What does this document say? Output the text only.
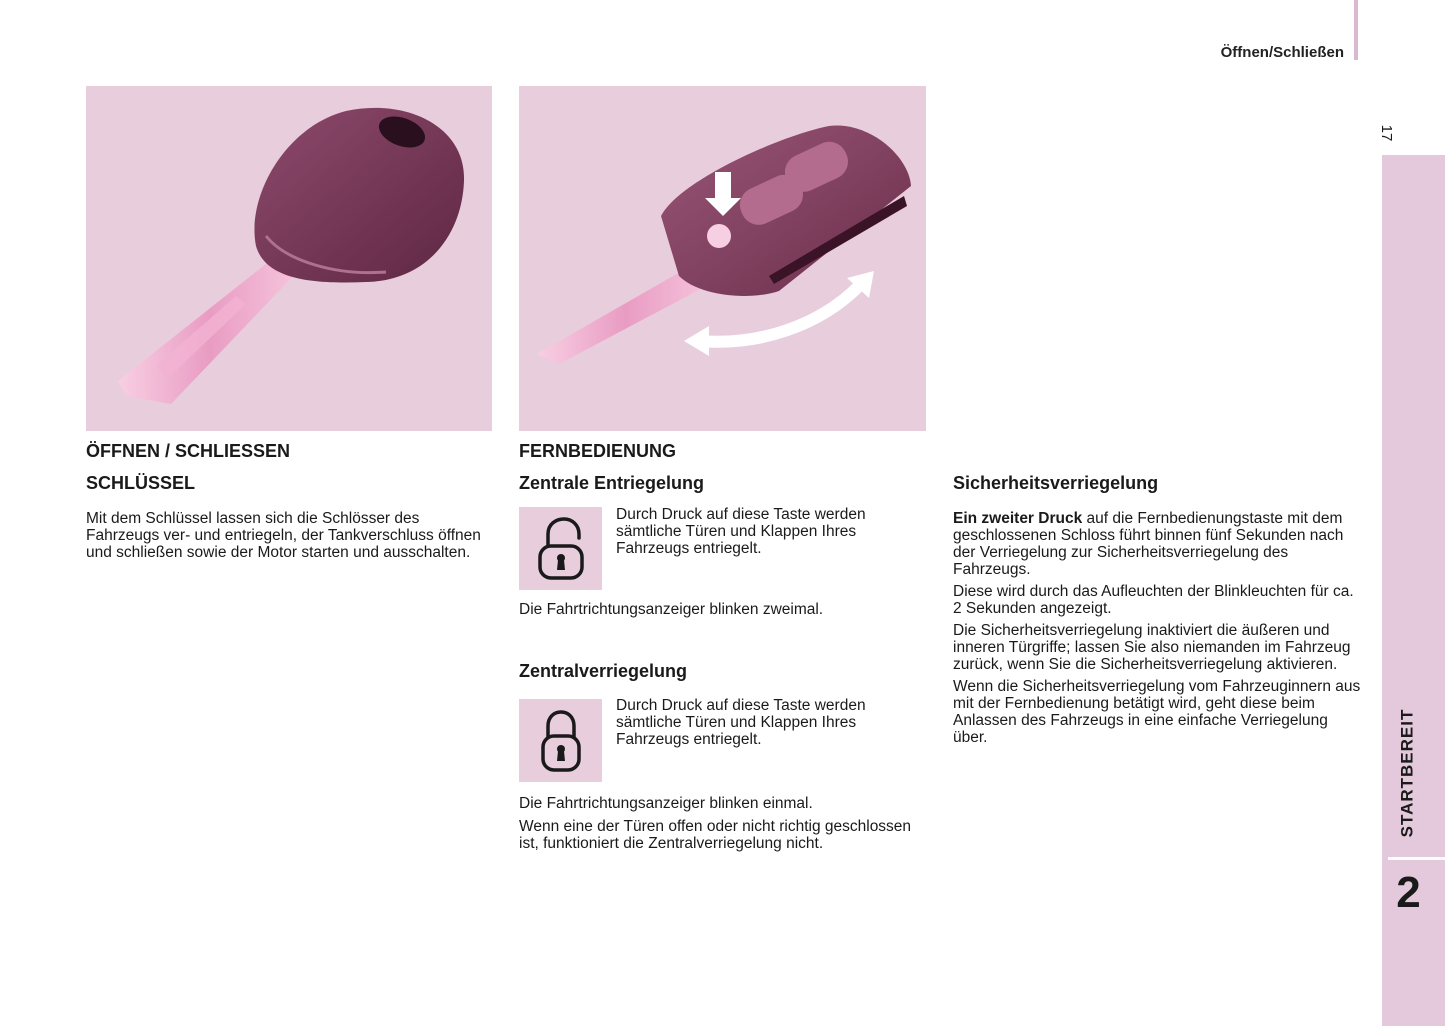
Öffnen/Schließen
17
STARTBEREIT
2
ÖFFNEN / SCHLIESSEN
SCHLÜSSEL
Mit dem Schlüssel lassen sich die Schlösser des Fahrzeugs ver- und entriegeln, der Tankverschluss öffnen und schließen sowie der Motor starten und ausschalten.
FERNBEDIENUNG
Zentrale Entriegelung
Durch Druck auf diese Taste werden sämtliche Türen und Klappen Ihres Fahrzeugs entriegelt.
Die Fahrtrichtungsanzeiger blinken zweimal.
Zentralverriegelung
Durch Druck auf diese Taste werden sämtliche Türen und Klappen Ihres Fahrzeugs entriegelt.
Die Fahrtrichtungsanzeiger blinken einmal.
Wenn eine der Türen offen oder nicht richtig geschlossen ist, funktioniert die Zentralverriegelung nicht.
Sicherheitsverriegelung

Ein zweiter Druck auf die Fernbedienungstaste mit dem geschlossenen Schloss führt binnen fünf Sekunden nach der Verriegelung zur Sicherheitsverriegelung des Fahrzeugs.

Diese wird durch das Aufleuchten der Blinkleuchten für ca. 2 Sekunden angezeigt.

Die Sicherheitsverriegelung inaktiviert die äußeren und inneren Türgriffe; lassen Sie also niemanden im Fahrzeug zurück, wenn Sie die Sicherheitsverriegelung aktivieren.

Wenn die Sicherheitsverriegelung vom Fahrzeuginnern aus mit der Fernbedienung betätigt wird, geht diese beim Anlassen des Fahrzeugs in eine einfache Verriegelung über.
